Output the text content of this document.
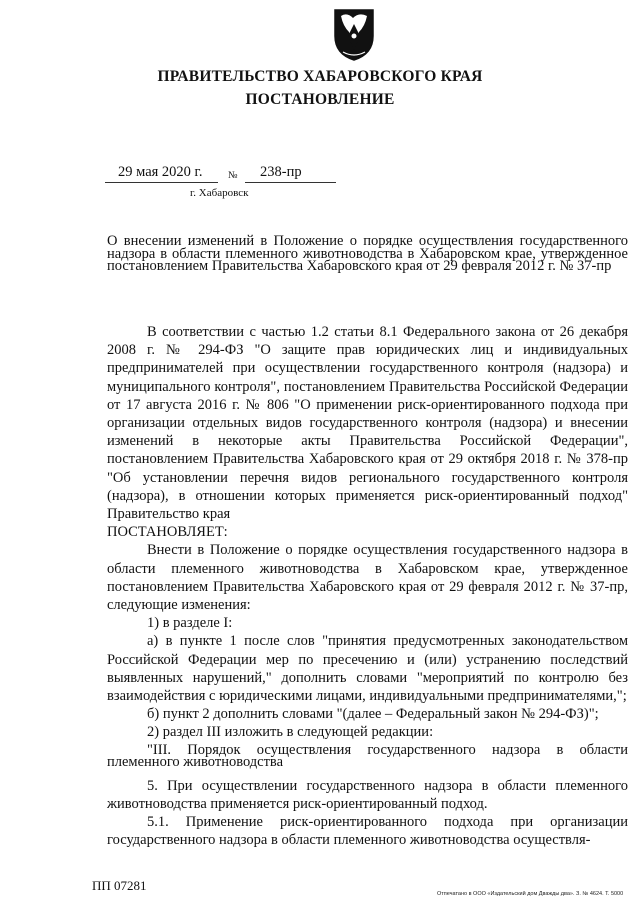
ПРАВИТЕЛЬСТВО ХАБАРОВСКОГО КРАЯ
ПОСТАНОВЛЕНИЕ
29 мая 2020 г.	№ 238-пр
г. Хабаровск
О внесении изменений в Положение о порядке осуществления государственного надзора в области племенного животноводства в Хабаровском крае, утвержденное постановлением Правительства Хабаровского края от 29 февраля 2012 г. № 37-пр

В соответствии с частью 1.2 статьи 8.1 Федерального закона от 26 декабря 2008 г. № 294-ФЗ "О защите прав юридических лиц и индивидуальных предпринимателей при осуществлении государственного контроля (надзора) и муниципального контроля", постановлением Правительства Российской Федерации от 17 августа 2016 г. № 806 "О применении риск-ориентированного подхода при организации отдельных видов государственного контроля (надзора) и внесении изменений в некоторые акты Правительства Российской Федерации", постановлением Правительства Хабаровского края от 29 октября 2018 г. № 378-пр "Об установлении перечня видов регионального государственного контроля (надзора), в отношении которых применяется риск-ориентированный подход" Правительство края

ПОСТАНОВЛЯЕТ:

Внести в Положение о порядке осуществления государственного надзора в области племенного животноводства в Хабаровском крае, утвержденное постановлением Правительства Хабаровского края от 29 февраля 2012 г. № 37-пр, следующие изменения:

1) в разделе I:

а) в пункте 1 после слов "принятия предусмотренных законодательством Российской Федерации мер по пресечению и (или) устранению последствий выявленных нарушений," дополнить словами "мероприятий по контролю без взаимодействия с юридическими лицами, индивидуальными предпринимателями,";

б) пункт 2 дополнить словами "(далее – Федеральный закон № 294-ФЗ)";

2) раздел III изложить в следующей редакции:

"III. Порядок осуществления государственного надзора в области племенного животноводства

5. При осуществлении государственного надзора в области племенного животноводства применяется риск-ориентированный подход.

5.1. Применение риск-ориентированного подхода при организации государственного надзора в области племенного животноводства осуществля-

ПП 07281
Отпечатано в ООО «Издательский дом Дважды два». З. № 4624. Т. 5000
